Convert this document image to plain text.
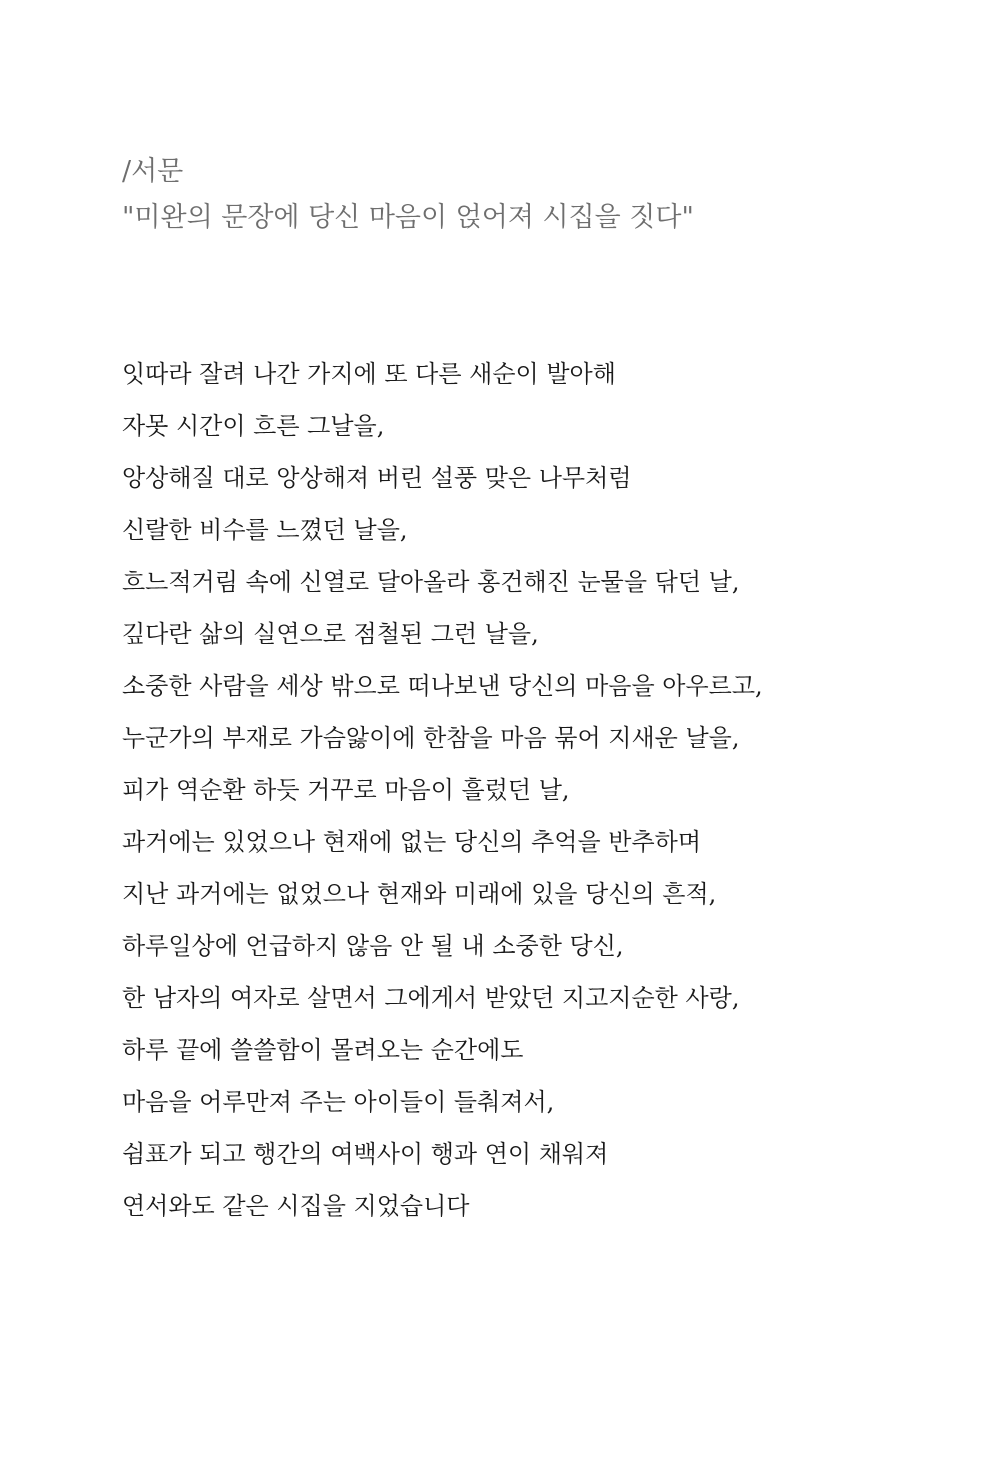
/서문

"미완의 문장에 당신 마음이 얹어져 시집을 짓다"

잇따라 잘려 나간 가지에 또 다른 새순이 발아해
자못 시간이 흐른 그날을,
앙상해질 대로 앙상해져 버린 설풍 맞은 나무처럼
신랄한 비수를 느꼈던 날을,
흐느적거림 속에 신열로 달아올라 홍건해진 눈물을 닦던 날,
깊다란 삶의 실연으로 점철된 그런 날을,
소중한 사람을 세상 밖으로 떠나보낸 당신의 마음을 아우르고,
누군가의 부재로 가슴앓이에 한참을 마음 묶어 지새운 날을,
피가 역순환 하듯 거꾸로 마음이 흘렀던 날,
과거에는 있었으나 현재에 없는 당신의 추억을 반추하며
지난 과거에는 없었으나 현재와 미래에 있을 당신의 흔적,
하루일상에 언급하지 않음 안 될 내 소중한 당신,
한 남자의 여자로 살면서 그에게서 받았던 지고지순한 사랑,
하루 끝에 쓸쓸함이 몰려오는 순간에도
마음을 어루만져 주는 아이들이 들춰져서,
쉼표가 되고 행간의 여백사이 행과 연이 채워져
연서와도 같은 시집을 지었습니다
